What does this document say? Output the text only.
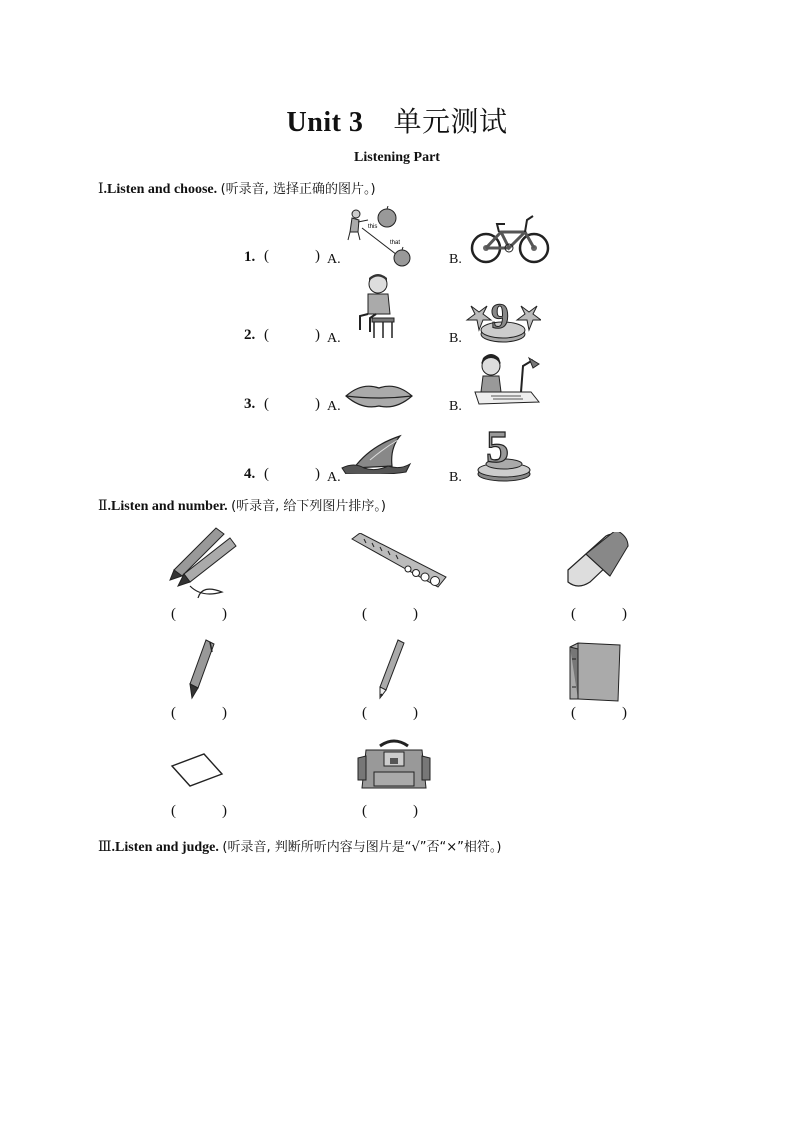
Unit 3 单元测试
Listening Part
Ⅰ.Listen and choose. (听录音, 选择正确的图片。)
1. (	) A.	B.
this
that
2. (	) A.	B.
9
3. (	) A.	B.
4. (	) A.	B.
5
Ⅱ.Listen and number. (听录音, 给下列图片排序。)
(	)	(	)	(	)
(	)	(	)	(	)
(	)	(	)
Ⅲ.Listen and judge. (听录音, 判断所听内容与图片是“√”否“×”相符。)
